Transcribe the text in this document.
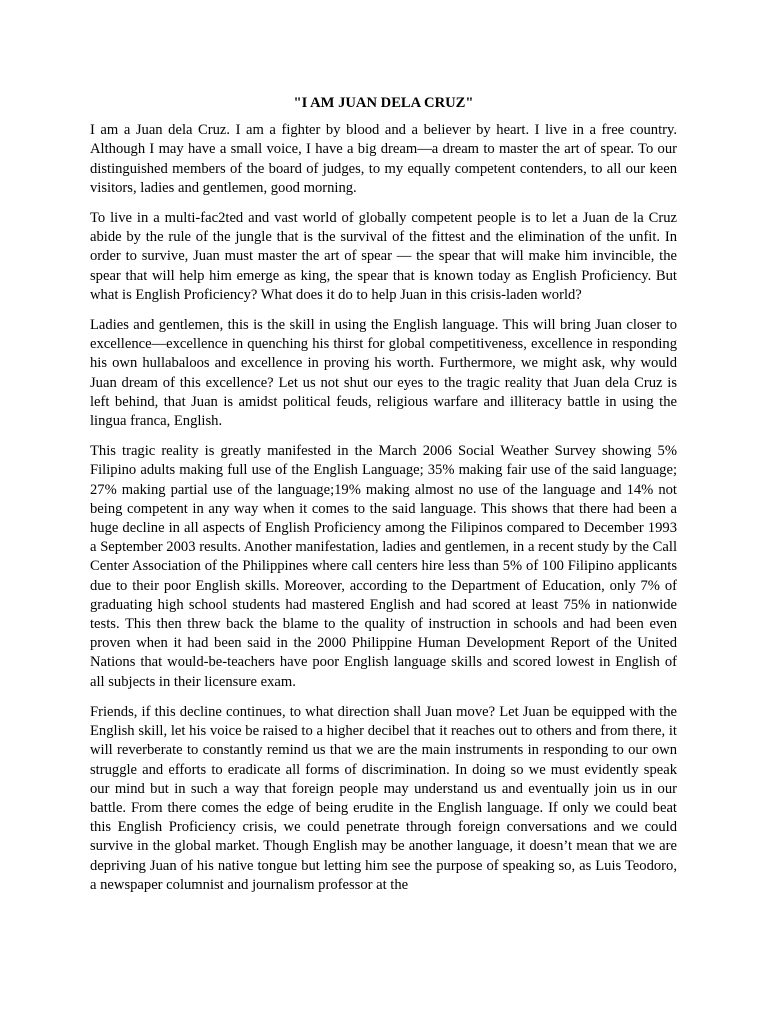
"I AM JUAN DELA CRUZ"

I am a Juan dela Cruz. I am a fighter by blood and a believer by heart. I live in a free country. Although I may have a small voice, I have a big dream—a dream to master the art of spear. To our distinguished members of the board of judges, to my equally competent contenders, to all our keen visitors, ladies and gentlemen, good morning.

To live in a multi-fac2ted and vast world of globally competent people is to let a Juan de la Cruz abide by the rule of the jungle that is the survival of the fittest and the elimination of the unfit. In order to survive, Juan must master the art of spear — the spear that will make him invincible, the spear that will help him emerge as king, the spear that is known today as English Proficiency. But what is English Proficiency? What does it do to help Juan in this crisis-laden world?

Ladies and gentlemen, this is the skill in using the English language. This will bring Juan closer to excellence—excellence in quenching his thirst for global competitiveness, excellence in responding his own hullabaloos and excellence in proving his worth. Furthermore, we might ask, why would Juan dream of this excellence? Let us not shut our eyes to the tragic reality that Juan dela Cruz is left behind, that Juan is amidst political feuds, religious warfare and illiteracy battle in using the lingua franca, English.

This tragic reality is greatly manifested in the March 2006 Social Weather Survey showing 5% Filipino adults making full use of the English Language; 35% making fair use of the said language; 27% making partial use of the language;19% making almost no use of the language and 14% not being competent in any way when it comes to the said language. This shows that there had been a huge decline in all aspects of English Proficiency among the Filipinos compared to December 1993 a September 2003 results. Another manifestation, ladies and gentlemen, in a recent study by the Call Center Association of the Philippines where call centers hire less than 5% of 100 Filipino applicants due to their poor English skills. Moreover, according to the Department of Education, only 7% of graduating high school students had mastered English and had scored at least 75% in nationwide tests. This then threw back the blame to the quality of instruction in schools and had been even proven when it had been said in the 2000 Philippine Human Development Report of the United Nations that would-be-teachers have poor English language skills and scored lowest in English of all subjects in their licensure exam.

Friends, if this decline continues, to what direction shall Juan move? Let Juan be equipped with the English skill, let his voice be raised to a higher decibel that it reaches out to others and from there, it will reverberate to constantly remind us that we are the main instruments in responding to our own struggle and efforts to eradicate all forms of discrimination. In doing so we must evidently speak our mind but in such a way that foreign people may understand us and eventually join us in our battle. From there comes the edge of being erudite in the English language. If only we could beat this English Proficiency crisis, we could penetrate through foreign conversations and we could survive in the global market. Though English may be another language, it doesn’t mean that we are depriving Juan of his native tongue but letting him see the purpose of speaking so, as Luis Teodoro, a newspaper columnist and journalism professor at the
